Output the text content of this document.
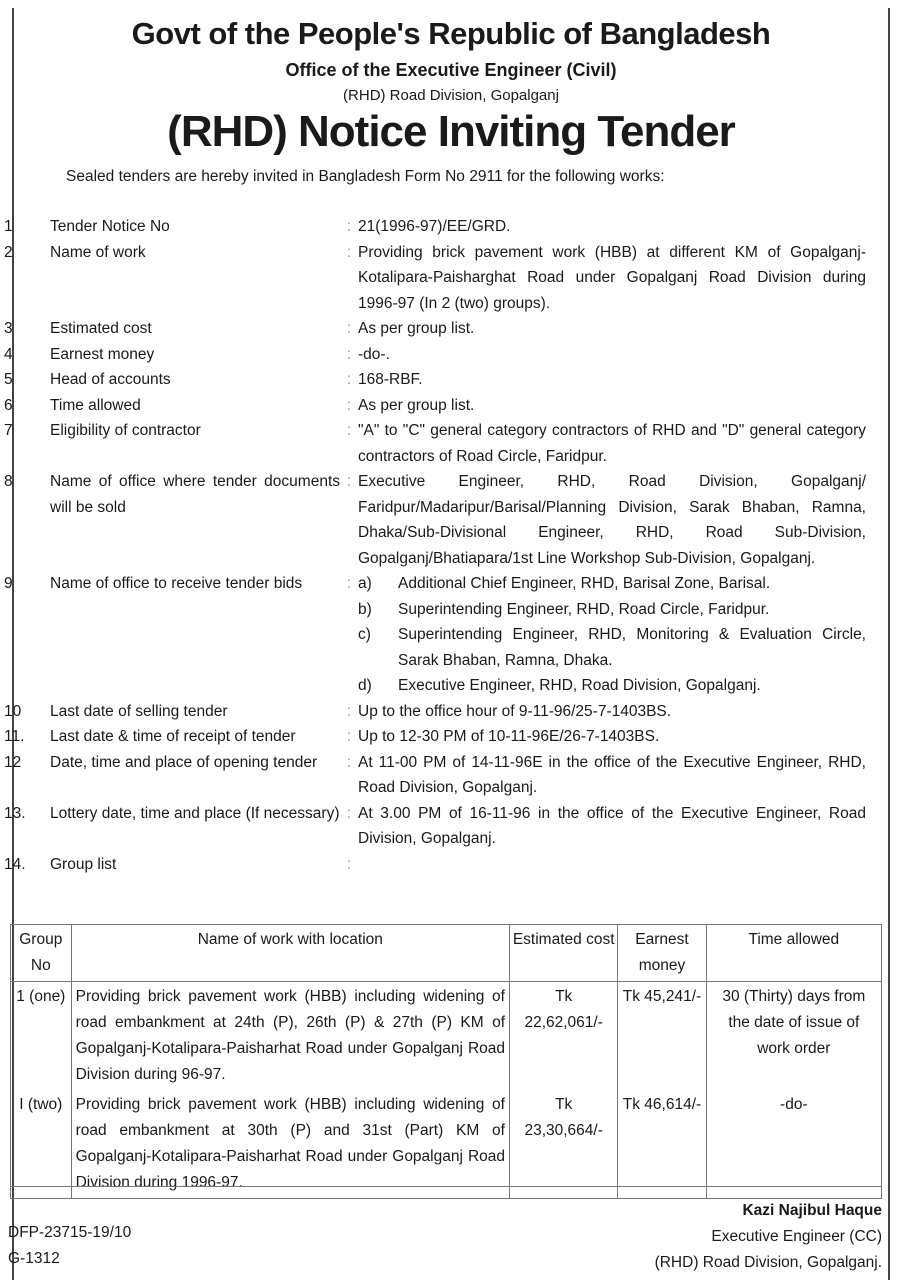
Govt of the People's Republic of Bangladesh
Office of the Executive Engineer (Civil)
(RHD) Road Division, Gopalganj
(RHD) Notice Inviting Tender
Sealed tenders are hereby invited in Bangladesh Form No 2911 for the following works:
1	Tender Notice No	: 21(1996-97)/EE/GRD.
2	Name of work	: Providing brick pavement work (HBB) at different KM of Gopalganj-Kotalipara-Paisharghat Road under Gopalganj Road Division during 1996-97 (In 2 (two) groups).
3	Estimated cost	: As per group list.
4	Earnest money	: -do-.
5	Head of accounts	: 168-RBF.
6	Time allowed	: As per group list.
7	Eligibility of contractor	: "A" to "C" general category contractors of RHD and "D" general category contractors of Road Circle, Faridpur.
8	Name of office where tender documents will be sold
: Executive Engineer, RHD, Road Division, Gopalganj/ Faridpur/Madaripur/Barisal/Planning Division, Sarak Bhaban, Ramna, Dhaka/Sub-Divisional Engineer, RHD, Road Sub-Division, Gopalganj/Bhatiapara/1st Line Workshop Sub-Division, Gopalganj.
9	Name of office to receive tender bids	: a)	Additional Chief Engineer, RHD, Barisal Zone, Barisal.
b)	Superintending Engineer, RHD, Road Circle, Faridpur.
c)	Superintending Engineer, RHD, Monitoring & Evaluation Circle, Sarak Bhaban, Ramna, Dhaka.
d)	Executive Engineer, RHD, Road Division, Gopalganj.
10	Last date of selling tender	: Up to the office hour of 9-11-96/25-7-1403BS.
11.	Last date & time of receipt of tender	: Up to 12-30 PM of 10-11-96E/26-7-1403BS.
12	Date, time and place of opening tender	: At 11-00 PM of 14-11-96E in the office of the Executive Engineer, RHD, Road Division, Gopalganj.
13.	Lottery date, time and place (If necessary) : At 3.00 PM of 16-11-96 in the office of the Executive Engineer, Road Division, Gopalganj.
14.	Group list	:
Group No	Name of work with location	Estimated cost	Earnest money	Time allowed
1 (one)	Providing brick pavement work (HBB) including widening of road embankment at 24th (P), 26th (P) & 27th (P) KM of Gopalganj-Kotalipara-Paisharhat Road under Gopalganj Road Division during 96-97.	Tk 22,62,061/-	Tk 45,241/-	30 (Thirty) days from the date of issue of work order
I (two)	Providing brick pavement work (HBB) including widening of road embankment at 30th (P) and 31st (Part) KM of Gopalganj-Kotalipara-Paisharhat Road under Gopalganj Road Division during 1996-97.	Tk 23,30,664/-	Tk 46,614/-	-do-
DFP-23715-19/10
G-1312
Kazi Najibul Haque
Executive Engineer (CC)
(RHD) Road Division, Gopalganj.
